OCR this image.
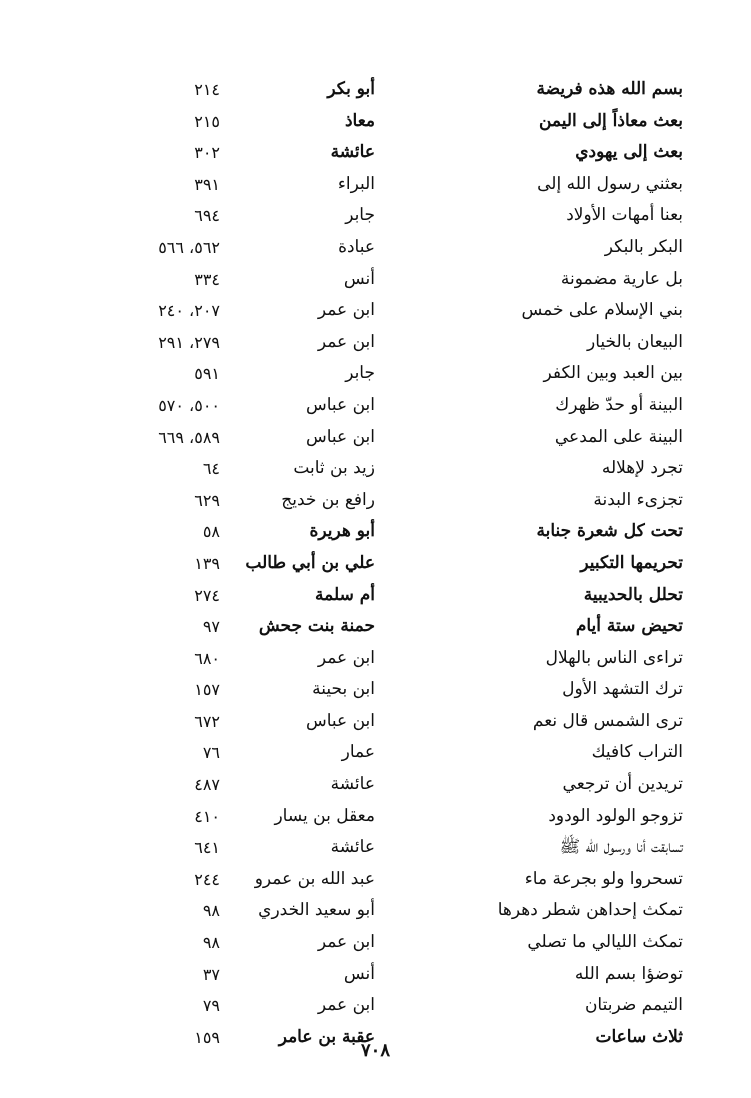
بسم الله هذه فريضة
أبو بكر
٢١٤
بعث معاذاً إلى اليمن
معاذ
٢١٥
بعث إلى يهودي
عائشة
٣٠٢
بعثني رسول الله إلى
البراء
٣٩١
بعنا أمهات الأولاد
جابر
٦٩٤
البكر بالبكر
عبادة
٥٦٢، ٥٦٦
بل عارية مضمونة
أنس
٣٣٤
بني الإسلام على خمس
ابن عمر
٢٠٧، ٢٤٠
البيعان بالخيار
ابن عمر
٢٧٩، ٢٩١
بين العبد وبين الكفر
جابر
٥٩١
البينة أو حدّ ظهرك
ابن عباس
٥٠٠، ٥٧٠
البينة على المدعي
ابن عباس
٥٨٩، ٦٦٩
تجرد لإهلاله
زيد بن ثابت
٦٤
تجزىء البدنة
رافع بن خديج
٦٢٩
تحت كل شعرة جنابة
أبو هريرة
٥٨
تحريمها التكبير
علي بن أبي طالب
١٣٩
تحلل بالحديبية
أم سلمة
٢٧٤
تحيض ستة أيام
حمنة بنت جحش
٩٧
تراءى الناس بالهلال
ابن عمر
٦٨٠
ترك التشهد الأول
ابن بحينة
١٥٧
ترى الشمس قال نعم
ابن عباس
٦٧٢
التراب كافيك
عمار
٧٦
تريدين أن ترجعي
عائشة
٤٨٧
تزوجو الولود الودود
معقل بن يسار
٤١٠
تسابقت أنا ورسول الله ﷺ
عائشة
٦٤١
تسحروا ولو بجرعة ماء
عبد الله بن عمرو
٢٤٤
تمكث إحداهن شطر دهرها
أبو سعيد الخدري
٩٨
تمكث الليالي ما تصلي
ابن عمر
٩٨
توضؤا بسم الله
أنس
٣٧
التيمم ضربتان
ابن عمر
٧٩
ثلاث ساعات
عقبة بن عامر
١٥٩
٧٠٨
